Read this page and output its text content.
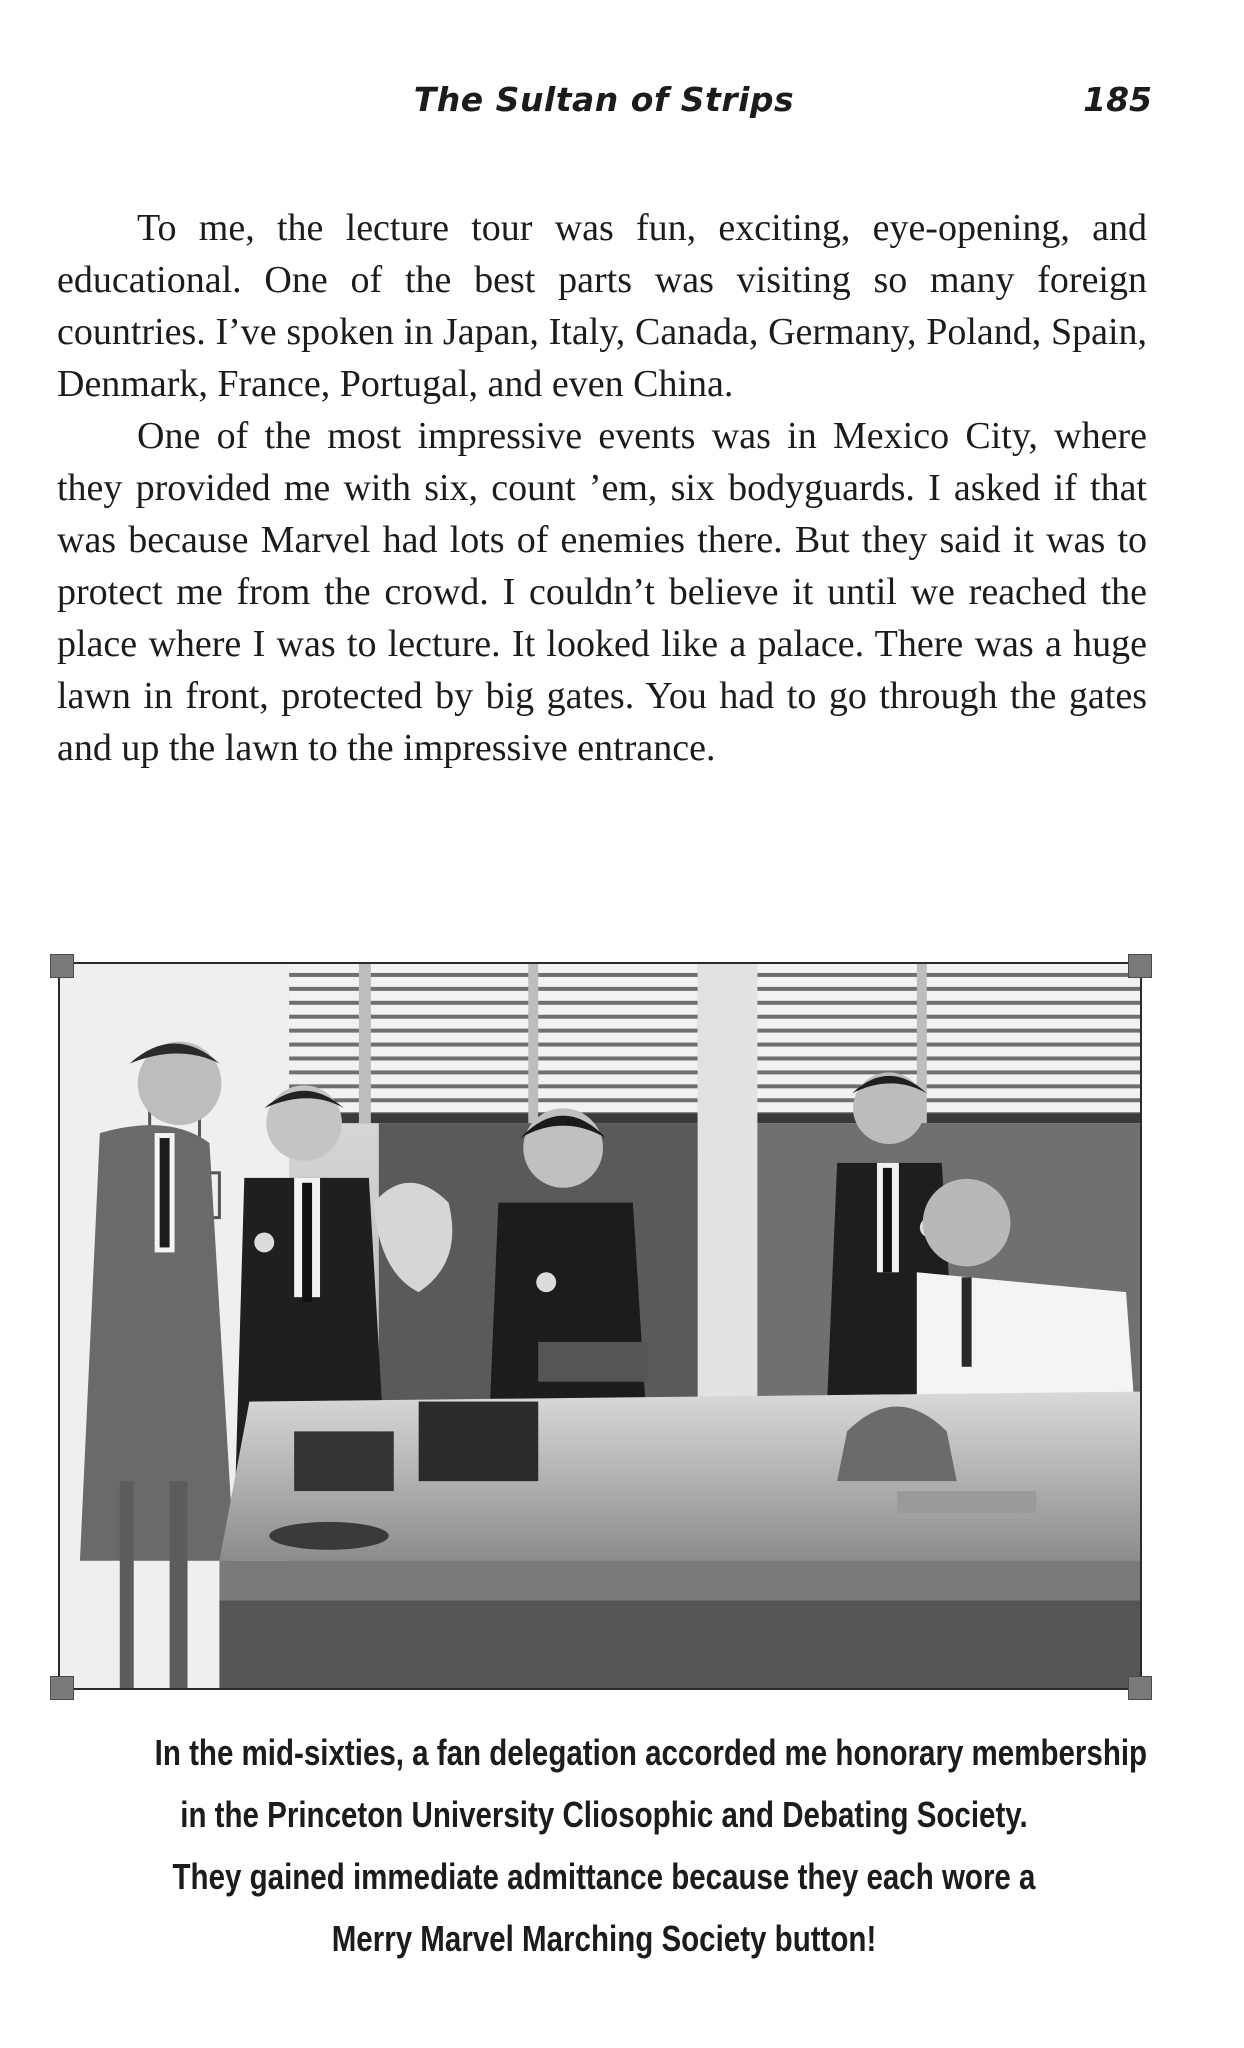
The Sultan of Strips	185

To me, the lecture tour was fun, exciting, eye-opening, and educational. One of the best parts was visiting so many foreign countries. I’ve spoken in Japan, Italy, Canada, Germany, Poland, Spain, Denmark, France, Portugal, and even China.

One of the most impressive events was in Mexico City, where they provided me with six, count ’em, six bodyguards. I asked if that was because Marvel had lots of enemies there. But they said it was to protect me from the crowd. I couldn’t believe it until we reached the place where I was to lecture. It looked like a palace. There was a huge lawn in front, protected by big gates. You had to go through the gates and up the lawn to the impressive entrance.

In the mid-sixties, a fan delegation accorded me honorary membership
in the Princeton University Cliosophic and Debating Society.
They gained immediate admittance because they each wore a
Merry Marvel Marching Society button!
